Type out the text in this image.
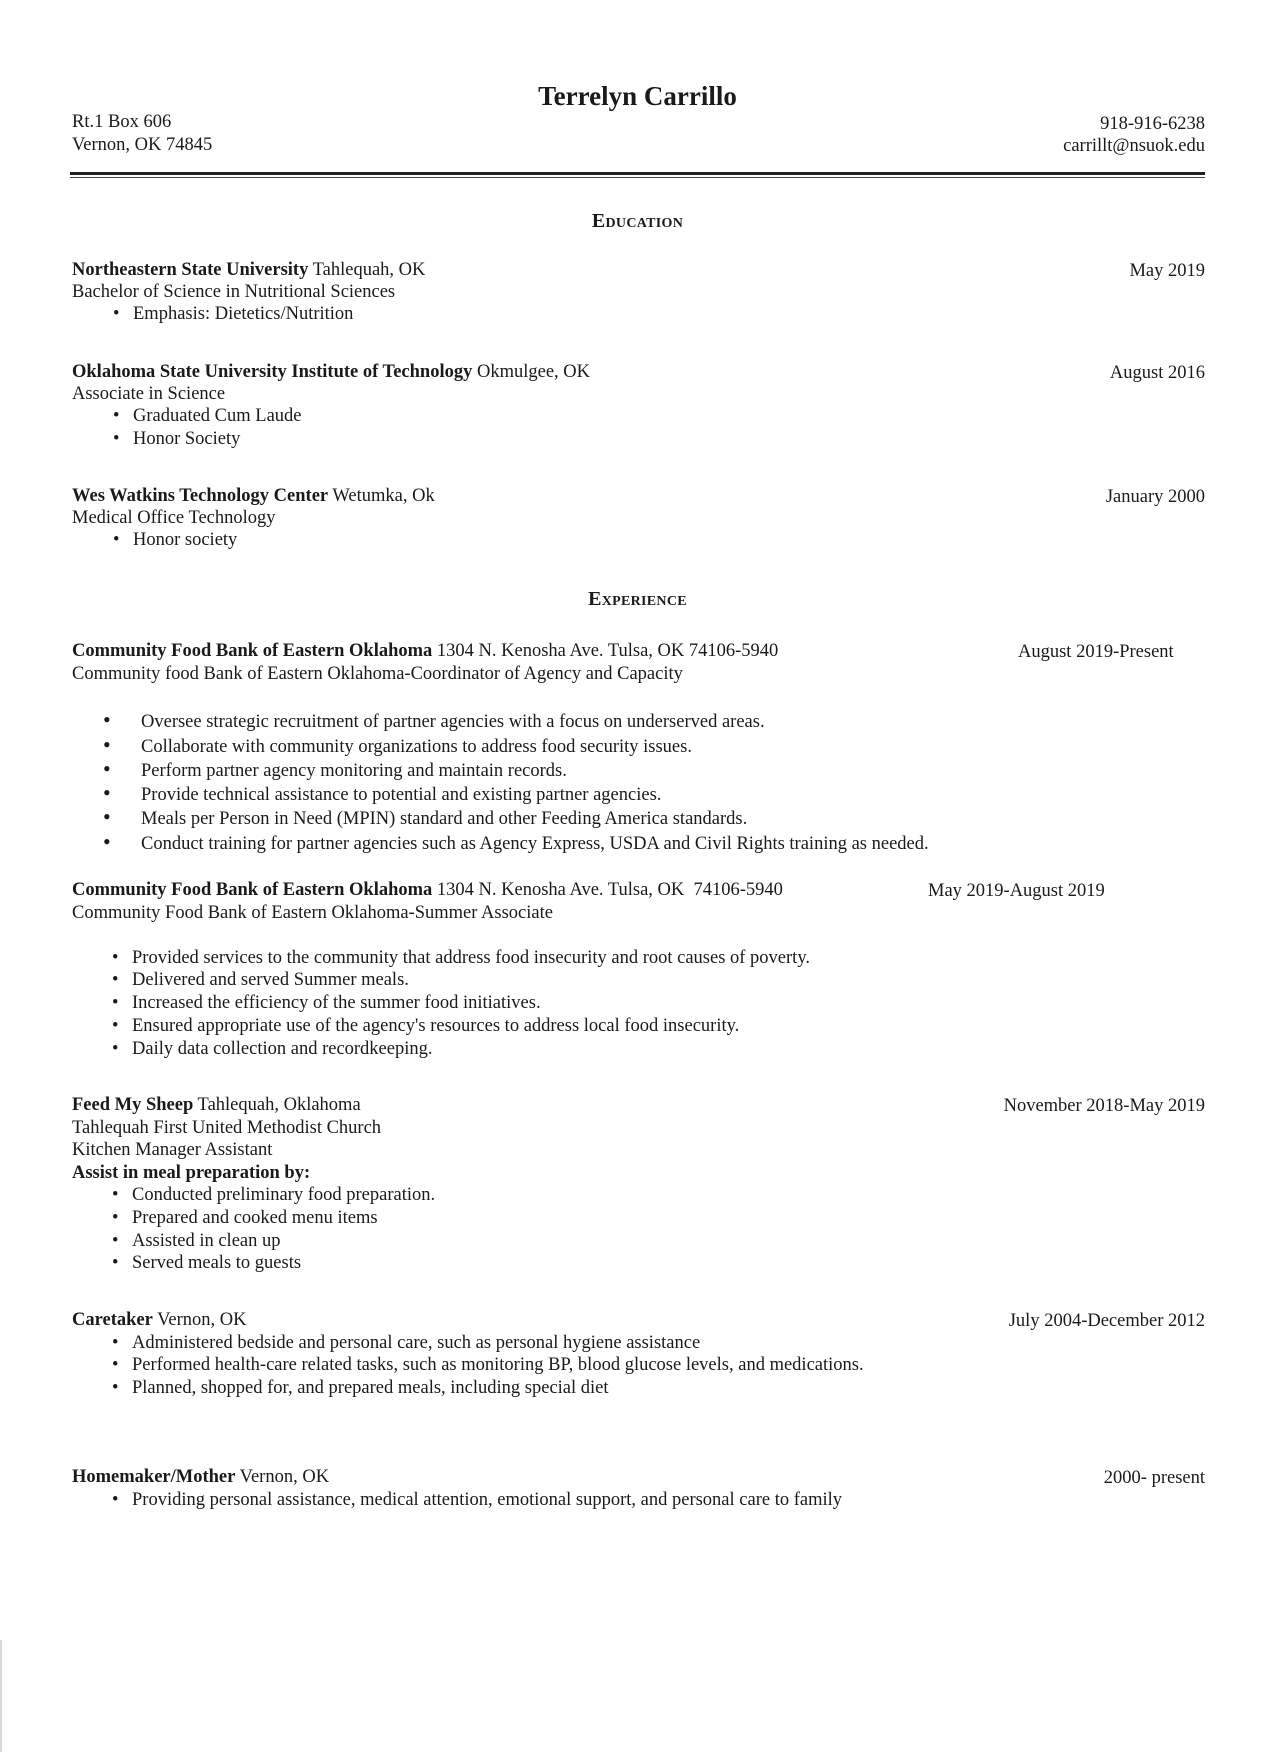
Terrelyn Carrillo
Rt.1 Box 606
Vernon, OK 74845
918-916-6238
carrillt@nsuok.edu
Education
Northeastern State University Tahlequah, OK	May 2019
Bachelor of Science in Nutritional Sciences
• Emphasis: Dietetics/Nutrition
Oklahoma State University Institute of Technology Okmulgee, OK	August 2016
Associate in Science
• Graduated Cum Laude
• Honor Society
Wes Watkins Technology Center Wetumka, Ok	January 2000
Medical Office Technology
• Honor society
Experience
Community Food Bank of Eastern Oklahoma 1304 N. Kenosha Ave. Tulsa, OK 74106-5940	August 2019-Present
Community food Bank of Eastern Oklahoma-Coordinator of Agency and Capacity
• Oversee strategic recruitment of partner agencies with a focus on underserved areas.
• Collaborate with community organizations to address food security issues.
• Perform partner agency monitoring and maintain records.
• Provide technical assistance to potential and existing partner agencies.
• Meals per Person in Need (MPIN) standard and other Feeding America standards.
• Conduct training for partner agencies such as Agency Express, USDA and Civil Rights training as needed.
Community Food Bank of Eastern Oklahoma 1304 N. Kenosha Ave. Tulsa, OK  74106-5940	May 2019-August 2019
Community Food Bank of Eastern Oklahoma-Summer Associate
• Provided services to the community that address food insecurity and root causes of poverty.
• Delivered and served Summer meals.
• Increased the efficiency of the summer food initiatives.
• Ensured appropriate use of the agency's resources to address local food insecurity.
• Daily data collection and recordkeeping.
Feed My Sheep Tahlequah, Oklahoma	November 2018-May 2019
Tahlequah First United Methodist Church
Kitchen Manager Assistant
Assist in meal preparation by:
• Conducted preliminary food preparation.
• Prepared and cooked menu items
• Assisted in clean up
• Served meals to guests
Caretaker Vernon, OK	July 2004-December 2012
• Administered bedside and personal care, such as personal hygiene assistance
• Performed health-care related tasks, such as monitoring BP, blood glucose levels, and medications.
• Planned, shopped for, and prepared meals, including special diet
Homemaker/Mother Vernon, OK	2000- present
• Providing personal assistance, medical attention, emotional support, and personal care to family
